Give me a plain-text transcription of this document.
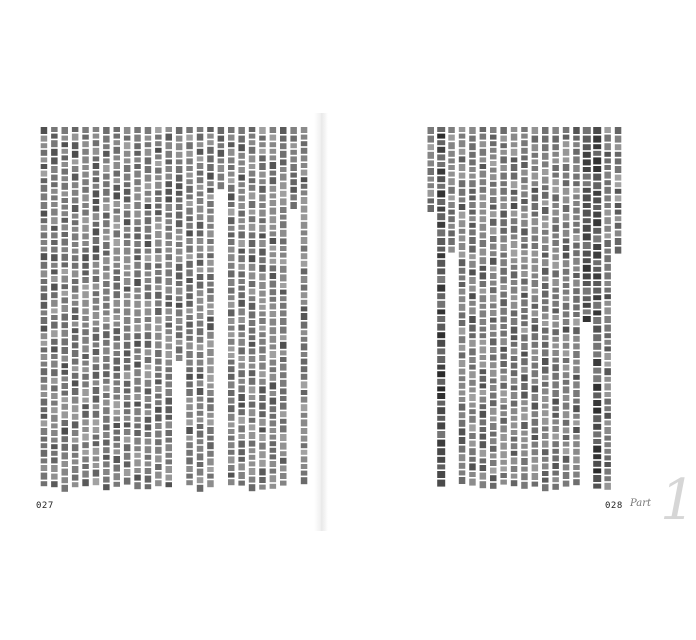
027	028 1
Part
